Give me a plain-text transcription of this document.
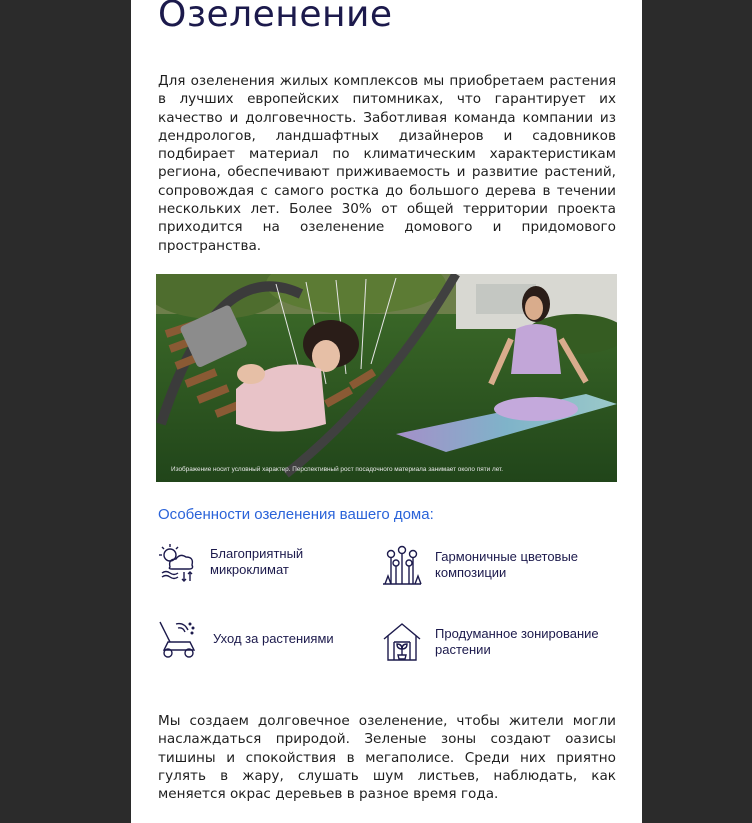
Озеленение

Для озеленения жилых комплексов мы приобретаем растения в лучших европейских питомниках, что гарантирует их качество и долговечность. Заботливая команда компании из дендрологов, ландшафтных дизайнеров и садовников подбирает материал по климатическим характеристикам региона, обеспечивают приживаемость и развитие растений, сопровождая с самого ростка до большого дерева в течении нескольких лет. Более 30% от общей территории проекта приходится на озеленение домового и придомового пространства.

Изображение носит условный характер. Перспективный рост посадочного материала занимает около пяти лет.
Особенности озеленения вашего дома:
Благоприятный микроклимат
Гармоничные цветовые композиции
Уход за растениями	Продуманное зонирование растении

Мы создаем долговечное озеленение, чтобы жители могли наслаждаться природой. Зеленые зоны создают оазисы тишины и спокойствия в мегаполисе. Среди них приятно гулять в жару, слушать шум листьев, наблюдать, как меняется окрас деревьев в разное время года.
